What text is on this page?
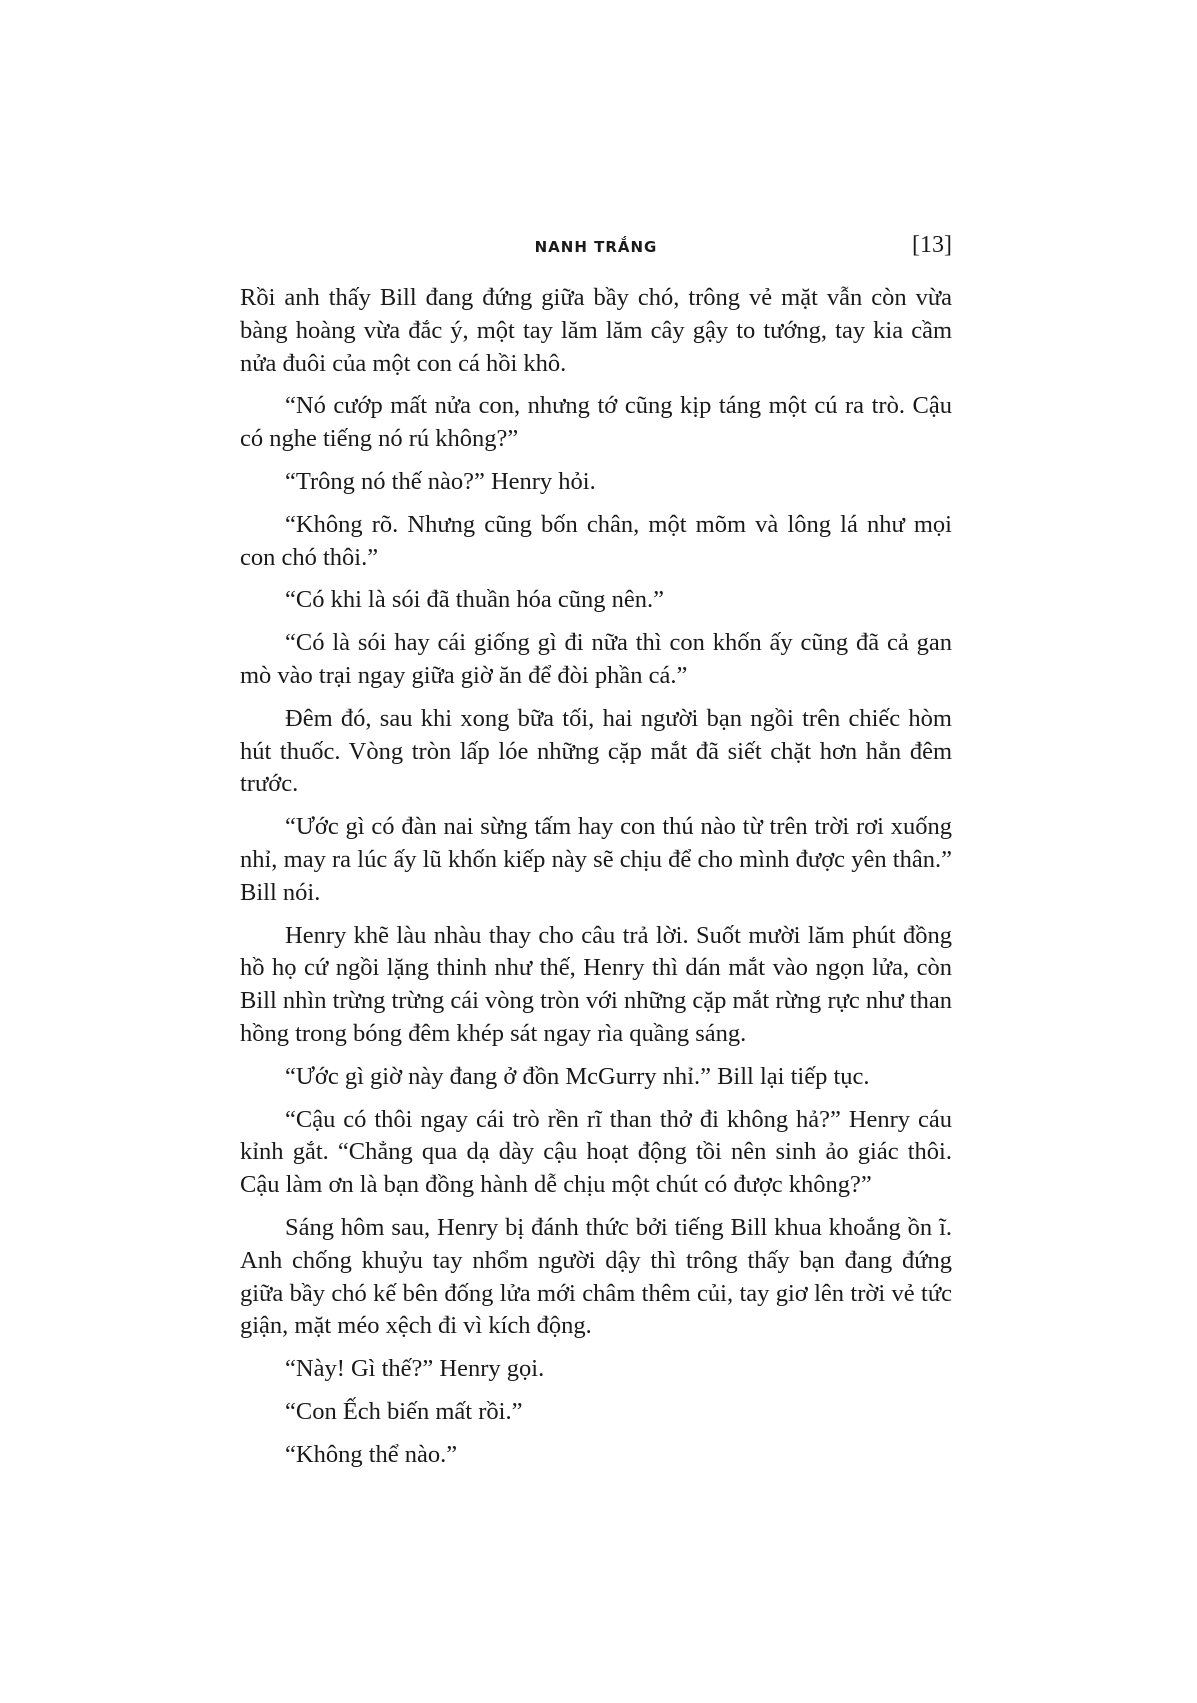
NANH TRẮNG	[13]

Rồi anh thấy Bill đang đứng giữa bầy chó, trông vẻ mặt vẫn còn vừa bàng hoàng vừa đắc ý, một tay lăm lăm cây gậy to tướng, tay kia cầm nửa đuôi của một con cá hồi khô.

“Nó cướp mất nửa con, nhưng tớ cũng kịp táng một cú ra trò. Cậu có nghe tiếng nó rú không?”

“Trông nó thế nào?” Henry hỏi.

“Không rõ. Nhưng cũng bốn chân, một mõm và lông lá như mọi con chó thôi.”

“Có khi là sói đã thuần hóa cũng nên.”

“Có là sói hay cái giống gì đi nữa thì con khốn ấy cũng đã cả gan mò vào trại ngay giữa giờ ăn để đòi phần cá.”

Đêm đó, sau khi xong bữa tối, hai người bạn ngồi trên chiếc hòm hút thuốc. Vòng tròn lấp lóe những cặp mắt đã siết chặt hơn hẳn đêm trước.

“Ước gì có đàn nai sừng tấm hay con thú nào từ trên trời rơi xuống nhỉ, may ra lúc ấy lũ khốn kiếp này sẽ chịu để cho mình được yên thân.” Bill nói.

Henry khẽ làu nhàu thay cho câu trả lời. Suốt mười lăm phút đồng hồ họ cứ ngồi lặng thinh như thế, Henry thì dán mắt vào ngọn lửa, còn Bill nhìn trừng trừng cái vòng tròn với những cặp mắt rừng rực như than hồng trong bóng đêm khép sát ngay rìa quầng sáng.

“Ước gì giờ này đang ở đồn McGurry nhỉ.” Bill lại tiếp tục.

“Cậu có thôi ngay cái trò rền rĩ than thở đi không hả?” Henry cáu kỉnh gắt. “Chẳng qua dạ dày cậu hoạt động tồi nên sinh ảo giác thôi. Cậu làm ơn là bạn đồng hành dễ chịu một chút có được không?”

Sáng hôm sau, Henry bị đánh thức bởi tiếng Bill khua khoắng ồn ĩ. Anh chống khuỷu tay nhổm người dậy thì trông thấy bạn đang đứng giữa bầy chó kế bên đống lửa mới châm thêm củi, tay giơ lên trời vẻ tức giận, mặt méo xệch đi vì kích động.

“Này! Gì thế?” Henry gọi.

“Con Ếch biến mất rồi.”

“Không thể nào.”
